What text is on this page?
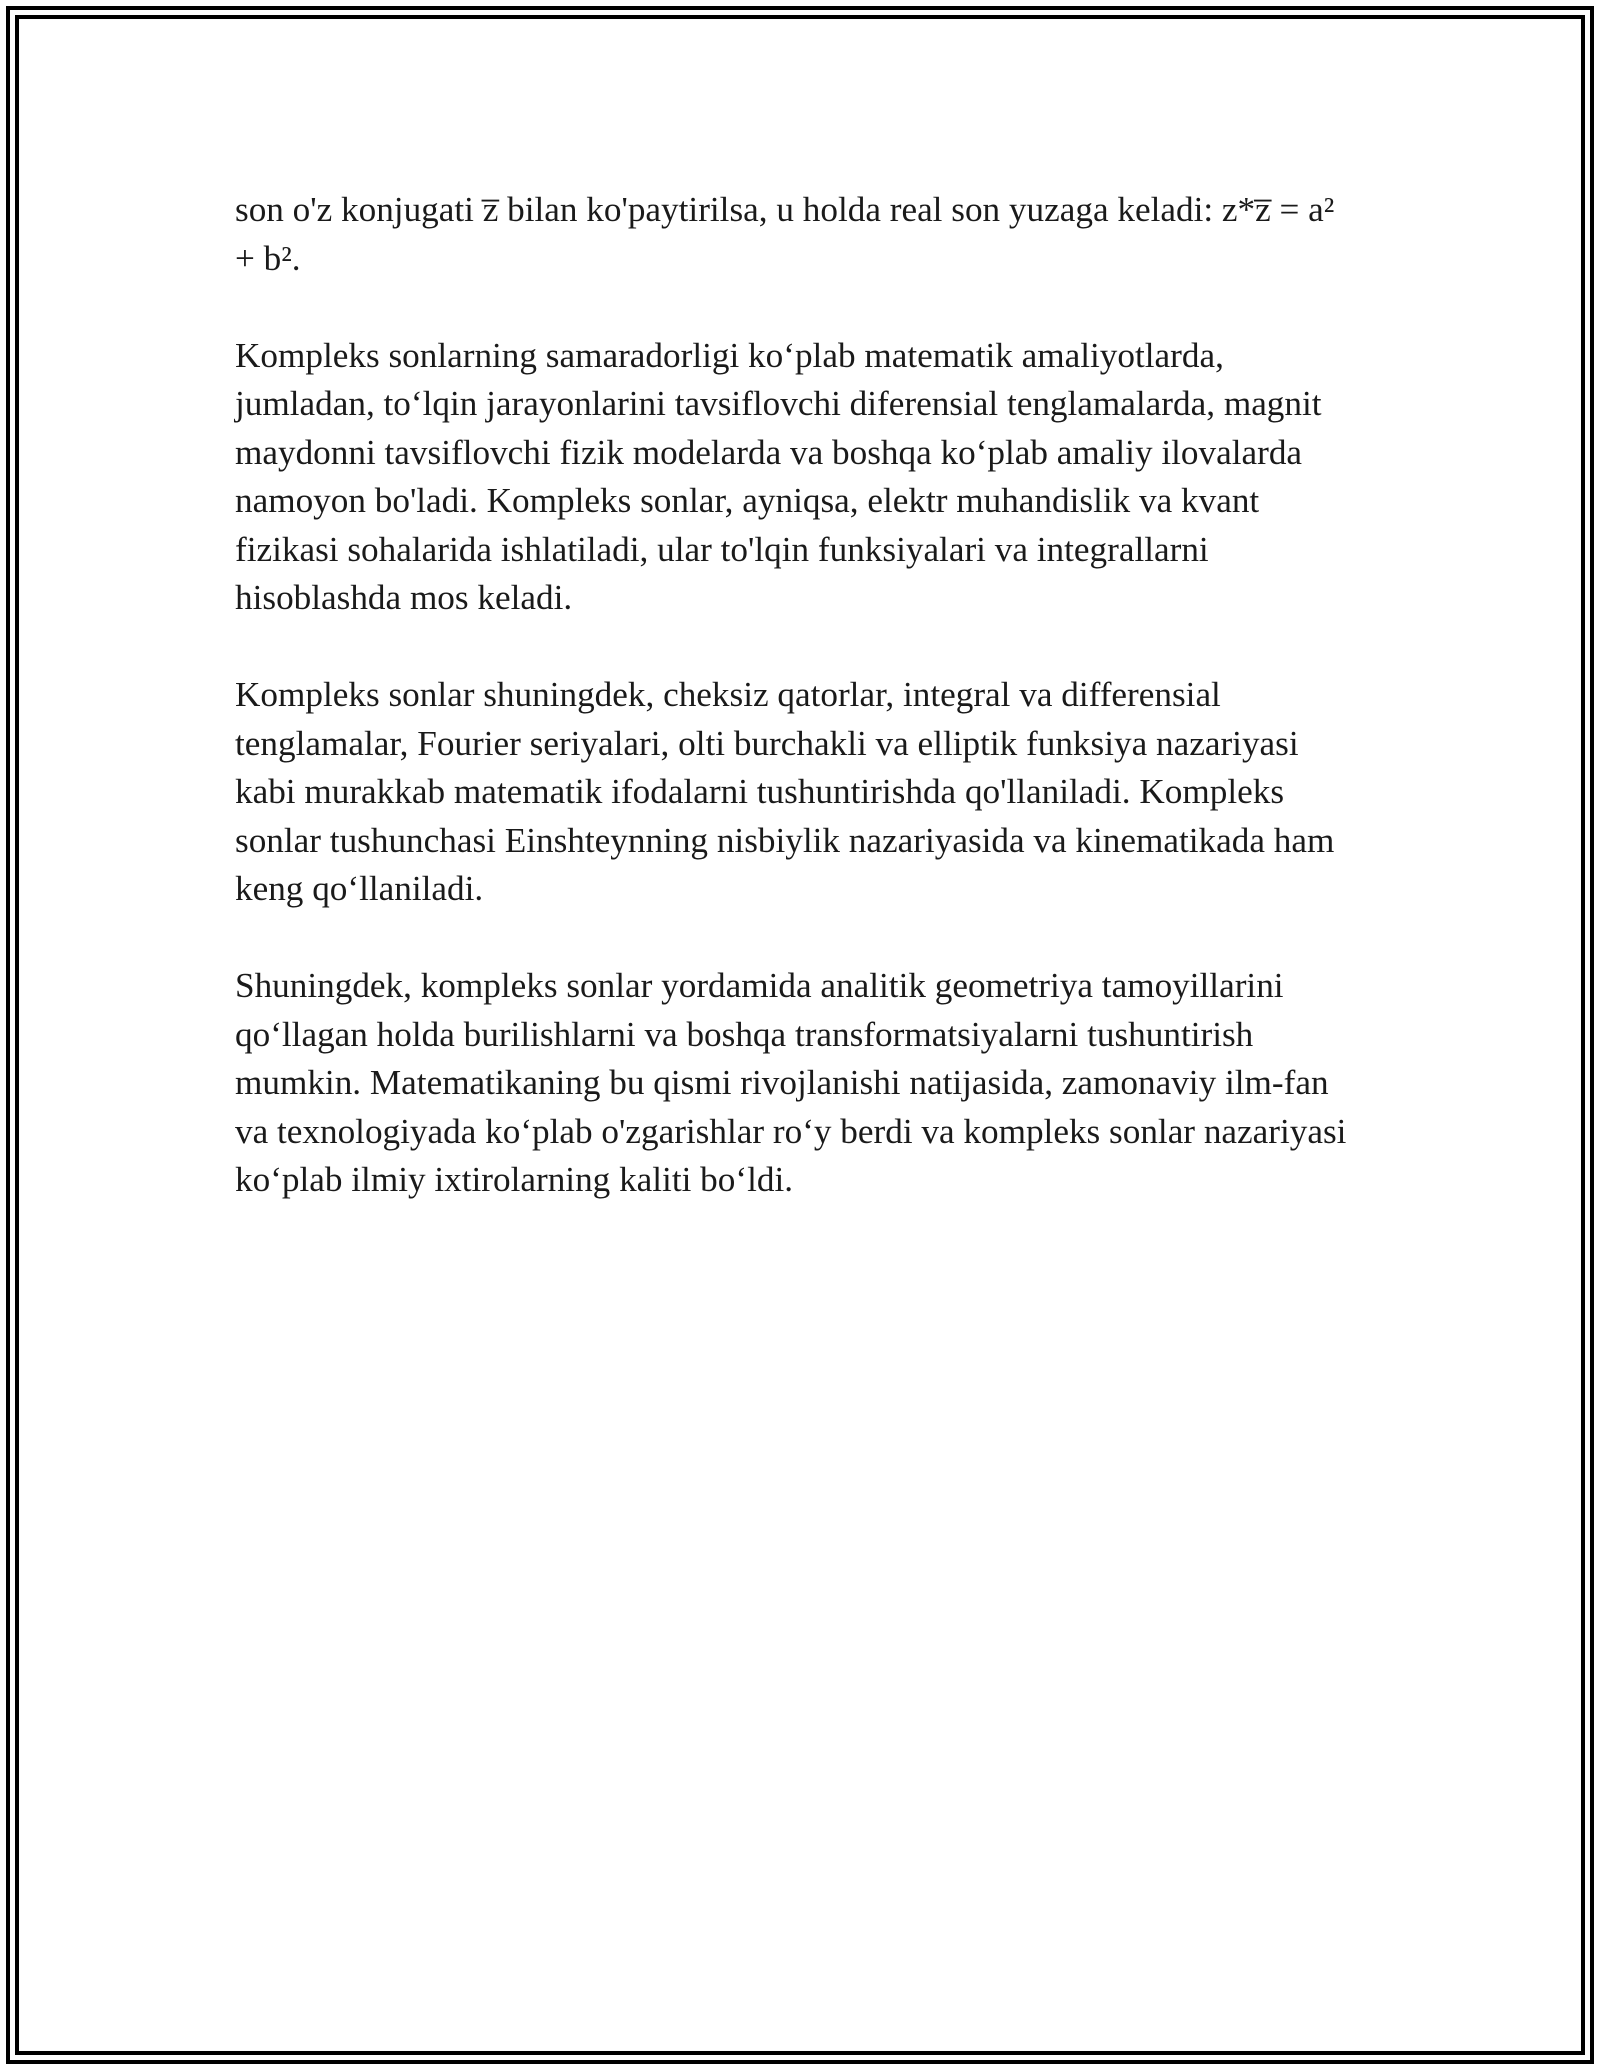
son o'z konjugati z̅ bilan ko'paytirilsa, u holda real son yuzaga keladi: z*z̅ = a² + b².

Kompleks sonlarning samaradorligi ko‘plab matematik amaliyotlarda, jumladan, to‘lqin jarayonlarini tavsiflovchi diferensial tenglamalarda, magnit maydonni tavsiflovchi fizik modelarda va boshqa ko‘plab amaliy ilovalarda namoyon bo'ladi. Kompleks sonlar, ayniqsa, elektr muhandislik va kvant fizikasi sohalarida ishlatiladi, ular to'lqin funksiyalari va integrallarni hisoblashda mos keladi.

Kompleks sonlar shuningdek, cheksiz qatorlar, integral va differensial tenglamalar, Fourier seriyalari, olti burchakli va elliptik funksiya nazariyasi kabi murakkab matematik ifodalarni tushuntirishda qo'llaniladi. Kompleks sonlar tushunchasi Einshteynning nisbiylik nazariyasida va kinematikada ham keng qo‘llaniladi.

Shuningdek, kompleks sonlar yordamida analitik geometriya tamoyillarini qo‘llagan holda burilishlarni va boshqa transformatsiyalarni tushuntirish mumkin. Matematikaning bu qismi rivojlanishi natijasida, zamonaviy ilm-fan va texnologiyada ko‘plab o'zgarishlar ro‘y berdi va kompleks sonlar nazariyasi ko‘plab ilmiy ixtirolarning kaliti bo‘ldi.
